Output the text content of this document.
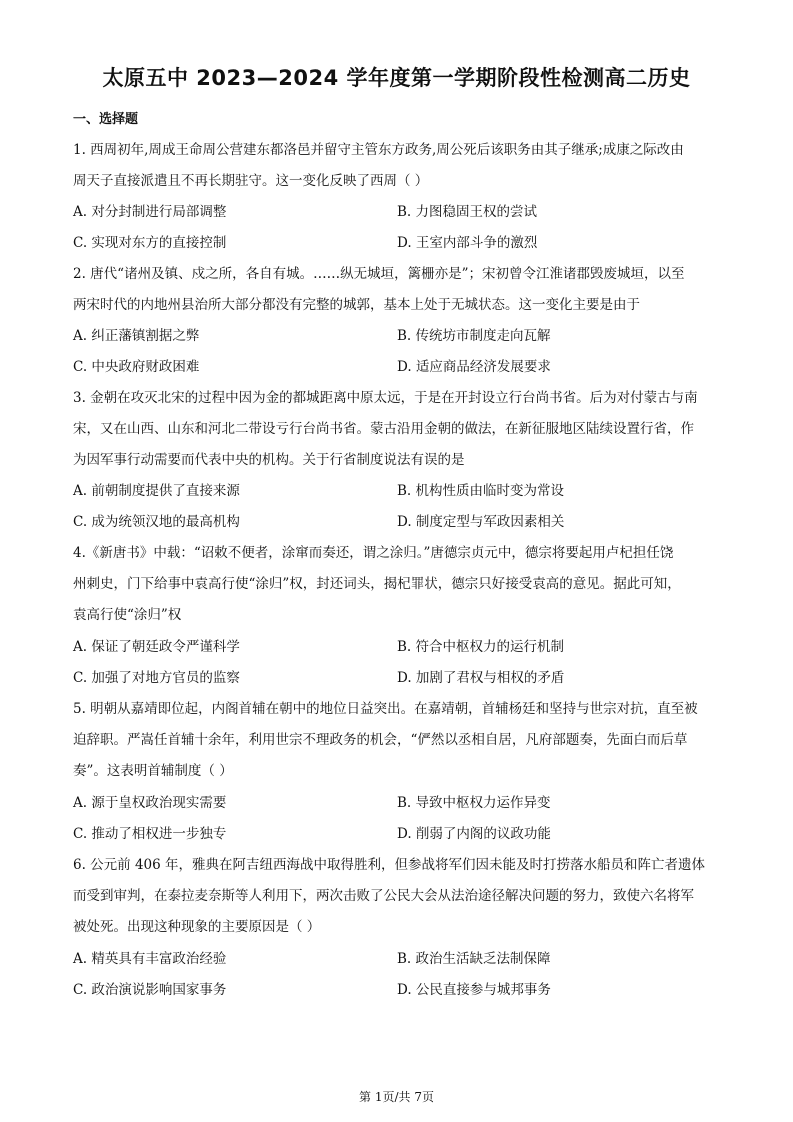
太原五中 2023—2024 学年度第一学期阶段性检测高二历史
一、选择题
1. 西周初年,周成王命周公营建东都洛邑并留守主管东方政务,周公死后该职务由其子继承;成康之际改由
周天子直接派遣且不再长期驻守。这一变化反映了西周（ ）
A. 对分封制进行局部调整	B. 力图稳固王权的尝试
C. 实现对东方的直接控制	D. 王室内部斗争的激烈
2. 唐代“诸州及镇、戍之所，各自有城。……纵无城垣，篱栅亦是”；宋初曾令江淮诸郡毁废城垣，以至
两宋时代的内地州县治所大部分都没有完整的城郭，基本上处于无城状态。这一变化主要是由于
A. 纠正藩镇割据之弊	B. 传统坊市制度走向瓦解
C. 中央政府财政困难	D. 适应商品经济发展要求
3. 金朝在攻灭北宋的过程中因为金的都城距离中原太远，于是在开封设立行台尚书省。后为对付蒙古与南
宋，又在山西、山东和河北二带设亏行台尚书省。蒙古沿用金朝的做法，在新征服地区陆续设置行省，作
为因军事行动需要而代表中央的机构。关于行省制度说法有误的是
A. 前朝制度提供了直接来源	B. 机构性质由临时变为常设
C. 成为统领汉地的最高机构	D. 制度定型与军政因素相关
4.《新唐书》中载：“诏敕不便者，涂窜而奏还，谓之涂归。”唐德宗贞元中，德宗将要起用卢杞担任饶
州刺史，门下给事中袁高行使“涂归”权，封还词头，揭杞罪状，德宗只好接受袁高的意见。据此可知，
袁高行使“涂归”权
A. 保证了朝廷政令严谨科学	B. 符合中枢权力的运行机制
C. 加强了对地方官员的监察	D. 加剧了君权与相权的矛盾
5. 明朝从嘉靖即位起，内阁首辅在朝中的地位日益突出。在嘉靖朝，首辅杨廷和坚持与世宗对抗，直至被
迫辞职。严嵩任首辅十余年，利用世宗不理政务的机会，“俨然以丞相自居，凡府部题奏，先面白而后草
奏”。这表明首辅制度（ ）
A. 源于皇权政治现实需要	B. 导致中枢权力运作异变
C. 推动了相权进一步独专	D. 削弱了内阁的议政功能
6. 公元前 406 年，雅典在阿吉纽西海战中取得胜利，但参战将军们因未能及时打捞落水船员和阵亡者遗体
而受到审判，在泰拉麦奈斯等人利用下，两次击败了公民大会从法治途径解决问题的努力，致使六名将军
被处死。出现这种现象的主要原因是（ ）
A. 精英具有丰富政治经验	B. 政治生活缺乏法制保障
C. 政治演说影响国家事务	D. 公民直接参与城邦事务
第 1页/共 7页
